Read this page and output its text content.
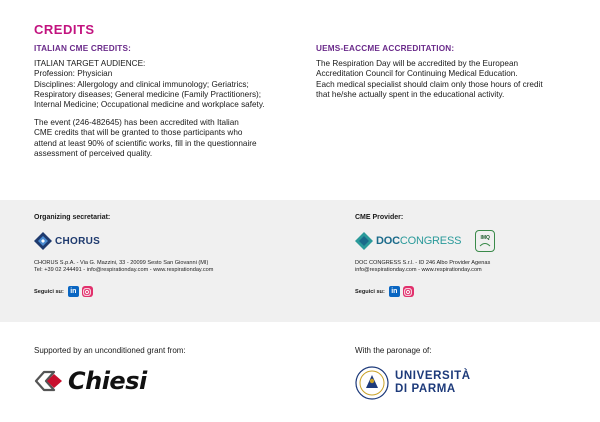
CREDITS
ITALIAN CME CREDITS:
ITALIAN TARGET AUDIENCE:
Profession: Physician
Disciplines: Allergology and clinical immunology; Geriatrics;
Respiratory diseases; General medicine (Family Practitioners);
Internal Medicine; Occupational medicine and workplace safety.
The event (246-482645) has been accredited with Italian
CME credits that will be granted to those participants who
attend at least 90% of scientific works, fill in the questionnaire
assessment of perceived quality.
UEMS-EACCME ACCREDITATION:
The Respiration Day will be accredited by the European
Accreditation Council for Continuing Medical Education.
Each medical specialist should claim only those hours of credit
that he/she actually spent in the educational activity.
Organizing secretariat:
CHORUS
CHORUS S.p.A. - Via G. Mazzini, 33 - 20099 Sesto San Giovanni (MI)
Tel: +39 02 244491 - info@respirationday.com - www.respirationday.com
Seguici su: in
CME Provider:
DOCCONGRESS	IMQ
DOC CONGRESS S.r.l. - ID 246 Albo Provider Agenas
info@respirationday.com - www.respirationday.com
Seguici su: in
Supported by an unconditioned grant from:
Chiesi
With the paronage of:
UNIVERSITÀ
DI PARMA
